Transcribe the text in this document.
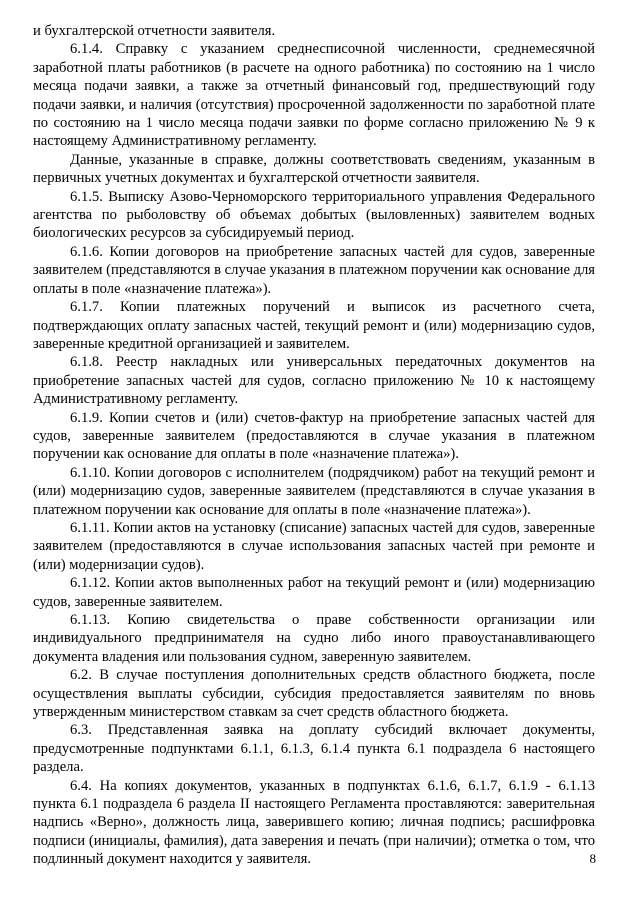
и бухгалтерской отчетности заявителя.

6.1.4. Справку с указанием среднесписочной численности, среднемесячной заработной платы работников (в расчете на одного работника) по состоянию на 1 число месяца подачи заявки, а также за отчетный финансовый год, предшествующий году подачи заявки, и наличия (отсутствия) просроченной задолженности по заработной плате по состоянию на 1 число месяца подачи заявки по форме согласно приложению № 9 к настоящему Административному регламенту.

Данные, указанные в справке, должны соответствовать сведениям, указанным в первичных учетных документах и бухгалтерской отчетности заявителя.

6.1.5. Выписку Азово-Черноморского территориального управления Федерального агентства по рыболовству об объемах добытых (выловленных) заявителем водных биологических ресурсов за субсидируемый период.

6.1.6. Копии договоров на приобретение запасных частей для судов, заверенные заявителем (представляются в случае указания в платежном поручении как основание для оплаты в поле «назначение платежа»).

6.1.7. Копии платежных поручений и выписок из расчетного счета, подтверждающих оплату запасных частей, текущий ремонт и (или) модернизацию судов, заверенные кредитной организацией и заявителем.

6.1.8. Реестр накладных или универсальных передаточных документов на приобретение запасных частей для судов, согласно приложению № 10 к настоящему Административному регламенту.

6.1.9. Копии счетов и (или) счетов-фактур на приобретение запасных частей для судов, заверенные заявителем (предоставляются в случае указания в платежном поручении как основание для оплаты в поле «назначение платежа»).

6.1.10. Копии договоров с исполнителем (подрядчиком) работ на текущий ремонт и (или) модернизацию судов, заверенные заявителем (представляются в случае указания в платежном поручении как основание для оплаты в поле «назначение платежа»).

6.1.11. Копии актов на установку (списание) запасных частей для судов, заверенные заявителем (предоставляются в случае использования запасных частей при ремонте и (или) модернизации судов).

6.1.12. Копии актов выполненных работ на текущий ремонт и (или) модернизацию судов, заверенные заявителем.

6.1.13. Копию свидетельства о праве собственности организации или индивидуального предпринимателя на судно либо иного правоустанавливающего документа владения или пользования судном, заверенную заявителем.

6.2. В случае поступления дополнительных средств областного бюджета, после осуществления выплаты субсидии, субсидия предоставляется заявителям по вновь утвержденным министерством ставкам за счет средств областного бюджета.

6.3. Представленная заявка на доплату субсидий включает документы, предусмотренные подпунктами 6.1.1, 6.1.3, 6.1.4 пункта 6.1 подраздела 6 настоящего раздела.

6.4. На копиях документов, указанных в подпунктах 6.1.6, 6.1.7, 6.1.9 - 6.1.13 пункта 6.1 подраздела 6 раздела II настоящего Регламента проставляются: заверительная надпись «Верно», должность лица, заверившего копию; личная подпись; расшифровка подписи (инициалы, фамилия), дата заверения и печать (при наличии); отметка о том, что подлинный документ находится у заявителя.	8
